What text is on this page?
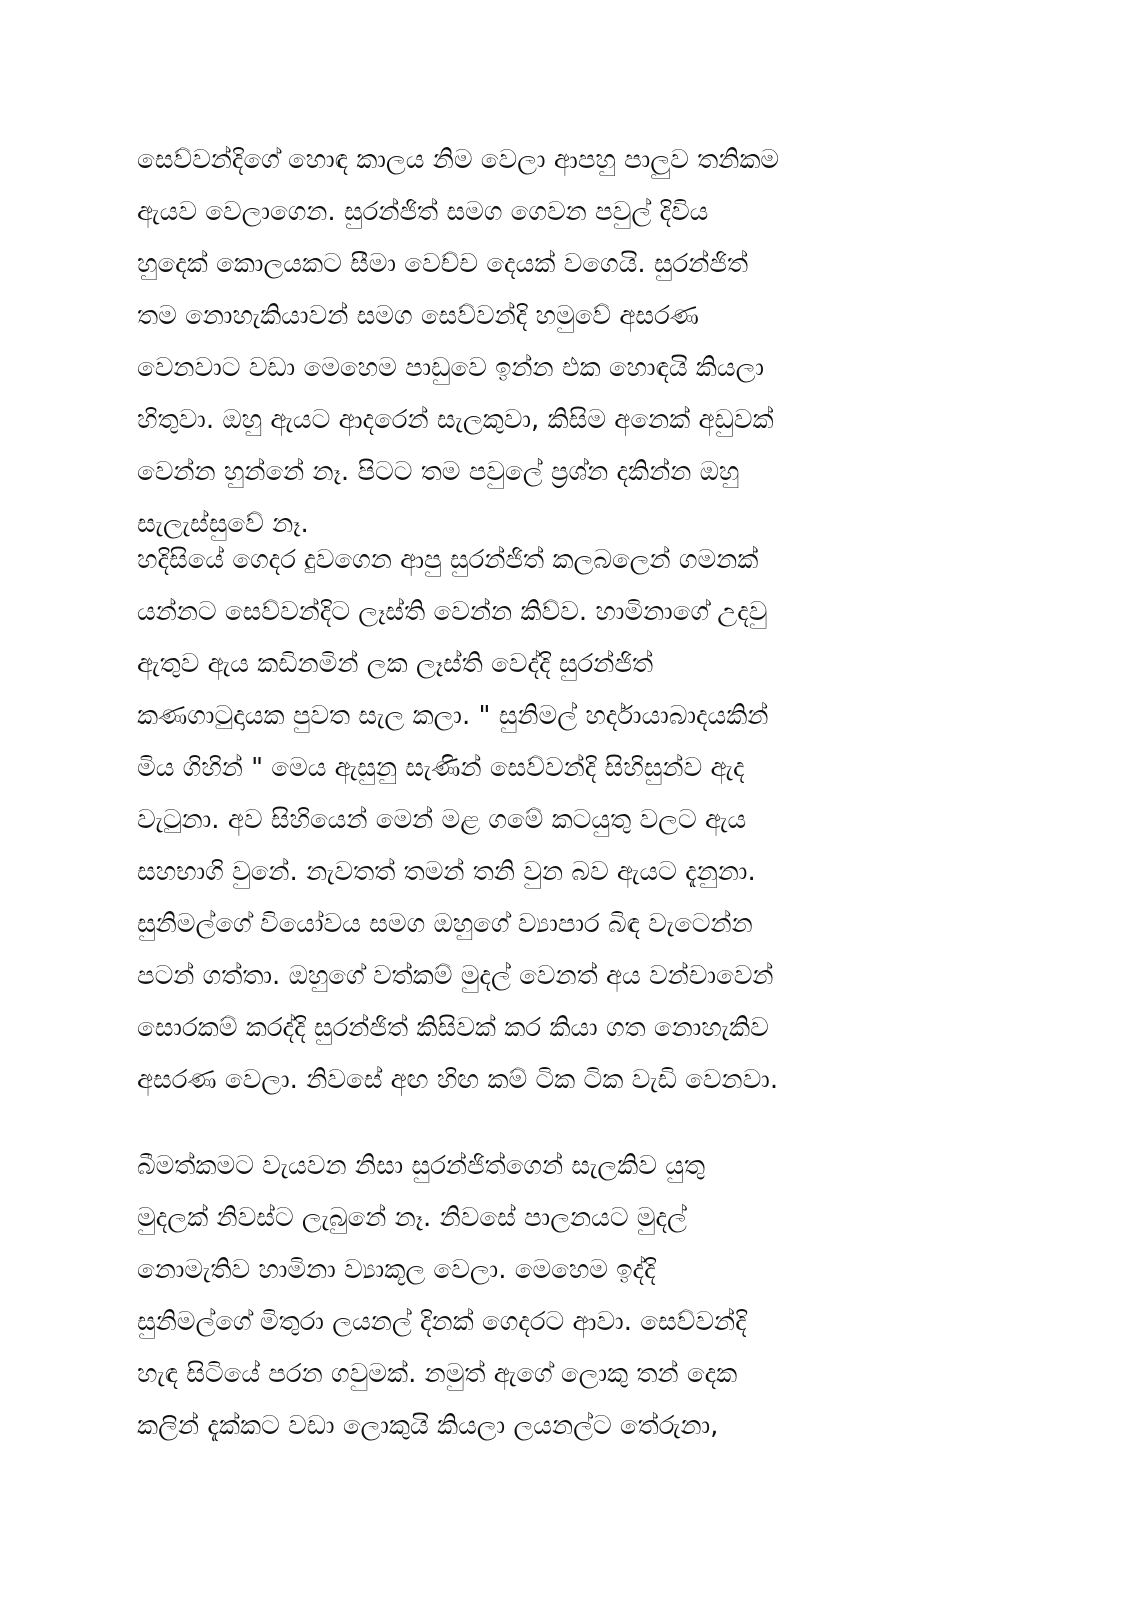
සෙව්වන්දිගේ හොඳ කාලය නිම වෙලා ආපහු පාලුව තනිකම
ඇයව වෙලාගෙන. සුරන්ජිත් සමග ගෙවන පවුල් දිවිය
හුදෙක් කොලයකට සීමා වෙච්ච දෙයක් වගෙයි. සුරන්ජිත්
තම නොහැකියාවන් සමග සෙව්වන්දි හමුවේ අසරණ
වෙනවාට වඩා මෙහෙම පාඩුවෙ ඉන්න එක හොඳයි කියලා
හිතුවා. ඔහු ඇයට ආදරෙන් සැලකුවා, කිසිම අනෙක් අඩුවක්
වෙන්න හුන්නේ නෑ. පිටට තම පවුලේ ප්‍රශ්න දකින්න ඔහු
සැලැස්සුවේ නෑ.
හදිසියේ ගෙදර දුවගෙන ආපු සුරන්ජිත් කලබලෙන් ගමනක්
යන්නට සෙව්වන්දිට ලෑස්ති වෙන්න කිව්ව. හාමිනාගේ උදවු
ඇතුව ඇය කඩිනමින් ලක ලෑස්ති වෙද්දි සුරන්ජිත්
කණගාටුදායක පුවත සැල කලා. " සුනිමල් හර්දායාබාදයකින්
මිය ගිහින් " මෙය ඇසුනු සැණින් සෙව්වන්දි සිහිසුන්ව ඇද
වැටුනා. අව සිහියෙන් මෙන් මළ ගමේ කටයුතු වලට ඇය
සහභාගි වුනේ. නැවතත් තමන් තනි වුන බව ඇයට දැනුනා.
සුනිමල්ගේ වියෝවය සමග ඔහුගේ ව්‍යාපාර බිඳ වැටෙන්න
පටන් ගත්තා. ඔහුගේ වත්කම් මුදල් වෙනත් අය වන්චාවෙන්
සොරකම් කරද්දි සුරන්ජිත් කිසිවක් කර කියා ගත නොහැකිව
අසරණ වෙලා. නිවසේ අඟ හිඟ කම් ටික ටික වැඩි වෙනවා.
බීමත්කමට වැයවන නිසා සුරන්ජිත්ගෙන් සැලකිව යුතු
මුදලක් නිවස්ට ලැබුනේ නෑ. නිවසේ පාලනයට මුදල්
නොමැතිව හාමිනා ව්‍යාකූල වෙලා. මෙහෙම ඉද්දි
සුනිමල්ගේ මිතුරා ලයනල් දිනක් ගෙදරට ආවා. සෙව්වන්දි
හැඳ සිටියේ පරන ගවුමක්. නමුත් ඇගේ ලොකු තන් දෙක
කලින් දැක්කට වඩා ලොකුයි කියලා ලයනල්ට තේරුනා,
